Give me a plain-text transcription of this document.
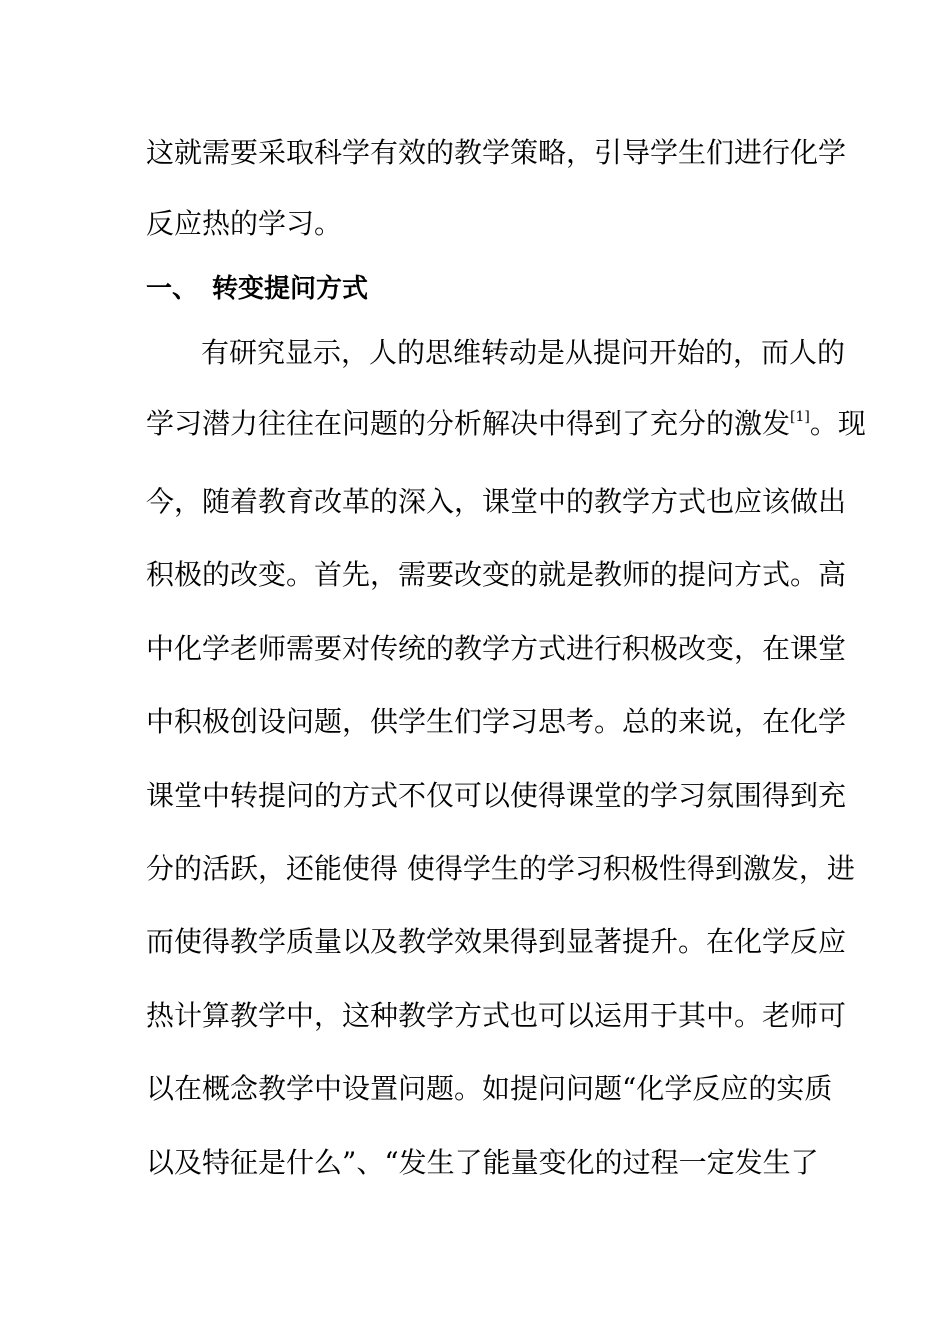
这就需要采取科学有效的教学策略，引导学生们进行化学
反应热的学习。
一、 转变提问方式
有研究显示，人的思维转动是从提问开始的，而人的
学习潜力往往在问题的分析解决中得到了充分的激发[1]。现
今，随着教育改革的深入，课堂中的教学方式也应该做出
积极的改变。首先，需要改变的就是教师的提问方式。高
中化学老师需要对传统的教学方式进行积极改变，在课堂
中积极创设问题，供学生们学习思考。总的来说，在化学
课堂中转提问的方式不仅可以使得课堂的学习氛围得到充
分的活跃，还能使得 使得学生的学习积极性得到激发，进
而使得教学质量以及教学效果得到显著提升。在化学反应
热计算教学中，这种教学方式也可以运用于其中。老师可
以在概念教学中设置问题。如提问问题“化学反应的实质
以及特征是什么”、“发生了能量变化的过程一定发生了
